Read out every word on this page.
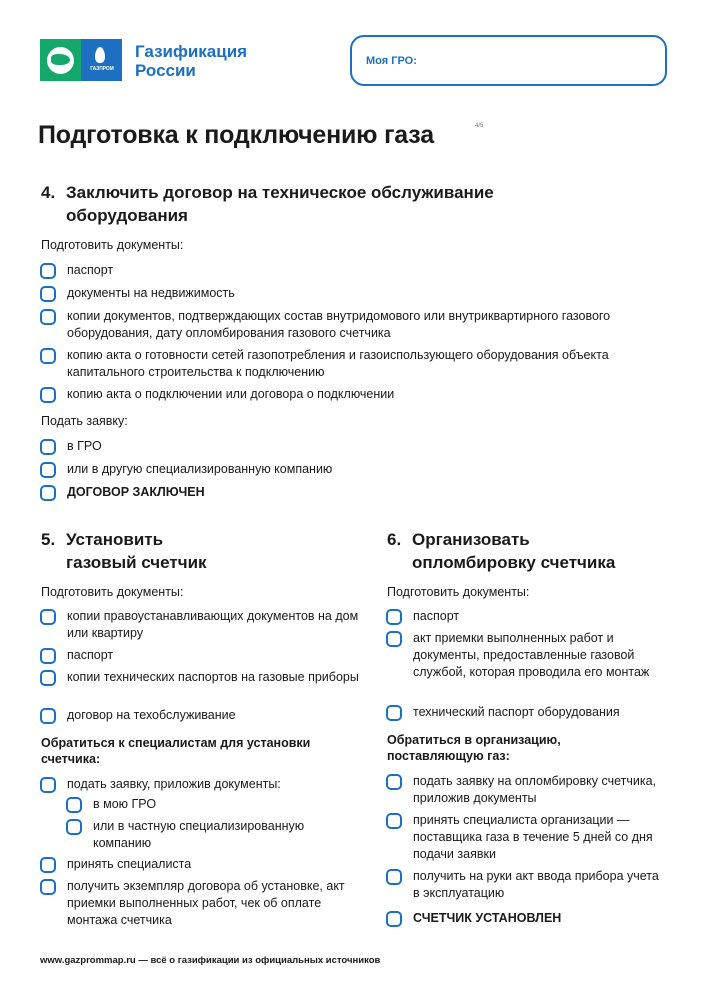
ГАЗПРОМ
Газификация
России	Моя ГРО:
Подготовка к подключению газа	4/5
4. Заключить договор на техническое обслуживание оборудования
Подготовить документы:
паспорт
документы на недвижимость
копии документов, подтверждающих состав внутридомового или внутриквартирного газового оборудования, дату опломбирования газового счетчика
копию акта о готовности сетей газопотребления и газоиспользующего оборудования объекта капитального строительства к подключению
копию акта о подключении или договора о подключении
Подать заявку:
в ГРО
или в другую специализированную компанию
ДОГОВОР ЗАКЛЮЧЕН
5. Установить
газовый счетчик
Подготовить документы:
копии правоустанавливающих документов на дом или квартиру
паспорт
копии технических паспортов на газовые приборы
договор на техобслуживание
Обратиться к специалистам для установки счетчика:
подать заявку, приложив документы:
в мою ГРО
или в частную специализированную компанию
принять специалиста
получить экземпляр договора об установке, акт приемки выполненных работ, чек об оплате монтажа счетчика
6. Организовать
опломбировку счетчика
Подготовить документы:
паспорт
акт приемки выполненных работ и документы, предоставленные газовой службой, которая проводила его монтаж
технический паспорт оборудования
Обратиться в организацию, поставляющую газ:
подать заявку на опломбировку счетчика, приложив документы
принять специалиста организации — поставщика газа в течение 5 дней со дня подачи заявки
получить на руки акт ввода прибора учета в эксплуатацию
СЧЕТЧИК УСТАНОВЛЕН
www.gazprommap.ru — всё о газификации из официальных источников
